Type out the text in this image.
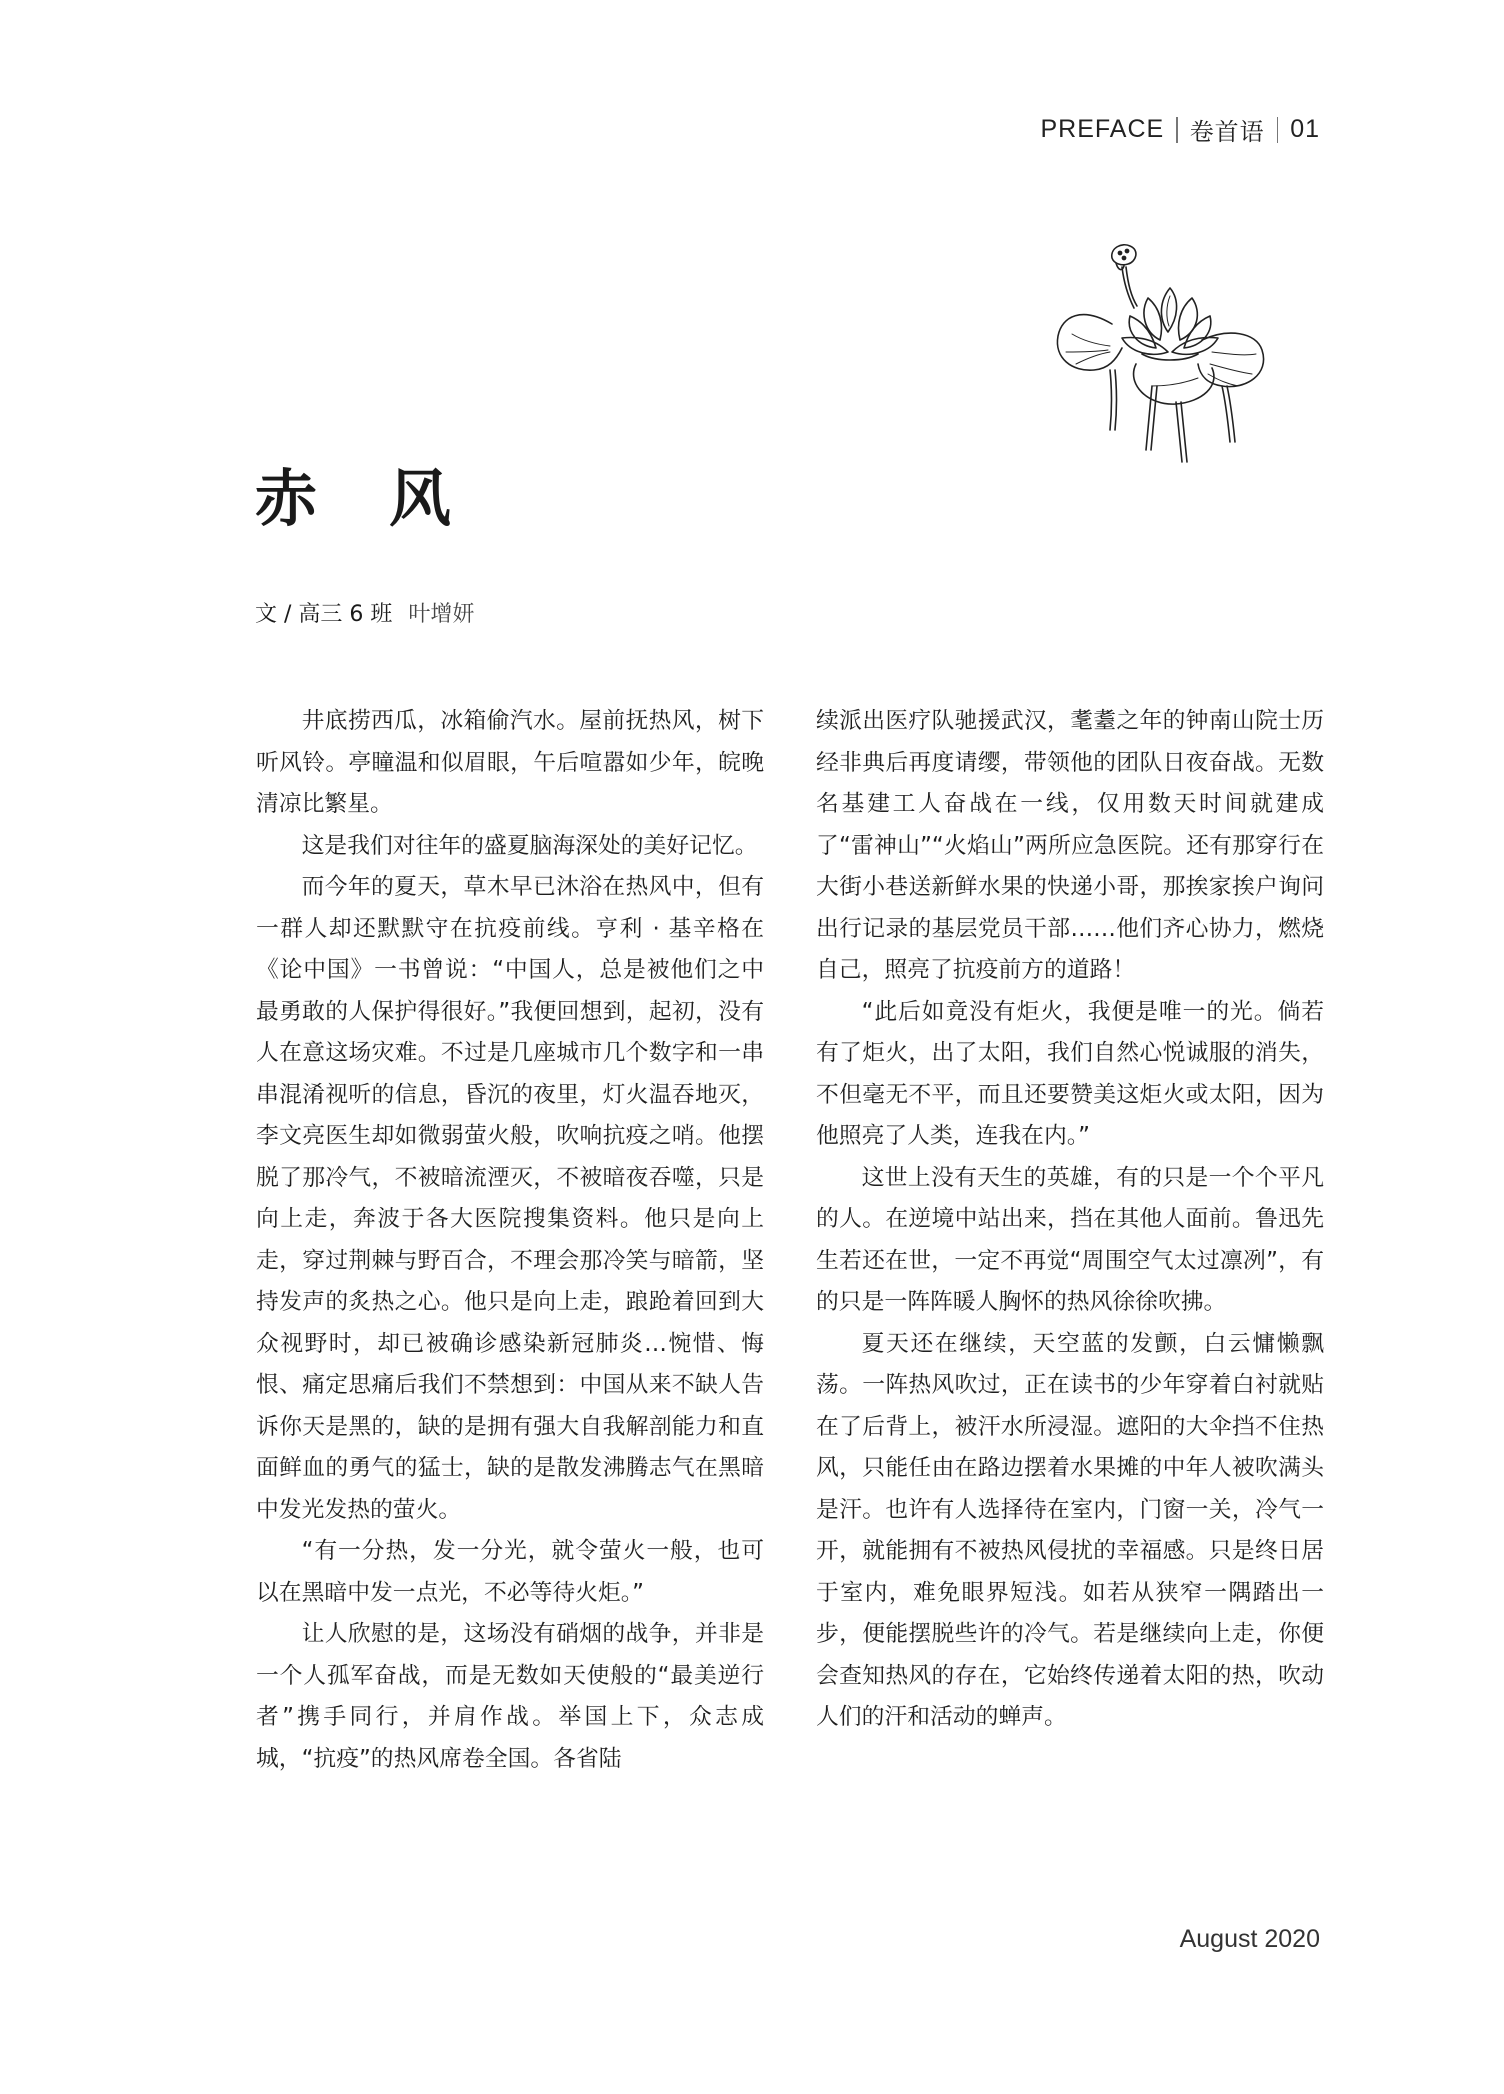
PREFACE 卷首语 01
赤 风
文 / 高三 6 班 叶增妍

井底捞西瓜，冰箱偷汽水。屋前抚热风，树下听风铃。亭瞳温和似眉眼，午后喧嚣如少年，皖晚清凉比繁星。

这是我们对往年的盛夏脑海深处的美好记忆。

而今年的夏天，草木早已沐浴在热风中，但有一群人却还默默守在抗疫前线。亨利 · 基辛格在《论中国》一书曾说：“中国人，总是被他们之中最勇敢的人保护得很好。”我便回想到，起初，没有人在意这场灾难。不过是几座城市几个数字和一串串混淆视听的信息，昏沉的夜里，灯火温吞地灭，李文亮医生却如微弱萤火般，吹响抗疫之哨。他摆脱了那冷气，不被暗流湮灭，不被暗夜吞噬，只是向上走，奔波于各大医院搜集资料。他只是向上走，穿过荆棘与野百合，不理会那冷笑与暗箭，坚持发声的炙热之心。他只是向上走，踉跄着回到大众视野时，却已被确诊感染新冠肺炎…惋惜、悔恨、痛定思痛后我们不禁想到：中国从来不缺人告诉你天是黑的，缺的是拥有强大自我解剖能力和直面鲜血的勇气的猛士，缺的是散发沸腾志气在黑暗中发光发热的萤火。

“有一分热，发一分光，就令萤火一般，也可以在黑暗中发一点光，不必等待火炬。”

让人欣慰的是，这场没有硝烟的战争，并非是一个人孤军奋战，而是无数如天使般的“最美逆行者”携手同行，并肩作战。举国上下，众志成城，“抗疫”的热风席卷全国。各省陆

续派出医疗队驰援武汉，耄耋之年的钟南山院士历经非典后再度请缨，带领他的团队日夜奋战。无数名基建工人奋战在一线，仅用数天时间就建成了“雷神山”“火焰山”两所应急医院。还有那穿行在大街小巷送新鲜水果的快递小哥，那挨家挨户询问出行记录的基层党员干部……他们齐心协力，燃烧自己，照亮了抗疫前方的道路！

“此后如竟没有炬火，我便是唯一的光。倘若有了炬火，出了太阳，我们自然心悦诚服的消失，不但毫无不平，而且还要赞美这炬火或太阳，因为他照亮了人类，连我在内。”

这世上没有天生的英雄，有的只是一个个平凡的人。在逆境中站出来，挡在其他人面前。鲁迅先生若还在世，一定不再觉“周围空气太过凛冽”，有的只是一阵阵暖人胸怀的热风徐徐吹拂。

夏天还在继续，天空蓝的发颤，白云慵懒飘荡。一阵热风吹过，正在读书的少年穿着白衬就贴在了后背上，被汗水所浸湿。遮阳的大伞挡不住热风，只能任由在路边摆着水果摊的中年人被吹满头是汗。也许有人选择待在室内，门窗一关，冷气一开，就能拥有不被热风侵扰的幸福感。只是终日居于室内，难免眼界短浅。如若从狭窄一隅踏出一步，便能摆脱些许的冷气。若是继续向上走，你便会查知热风的存在，它始终传递着太阳的热，吹动人们的汗和活动的蝉声。

August 2020
